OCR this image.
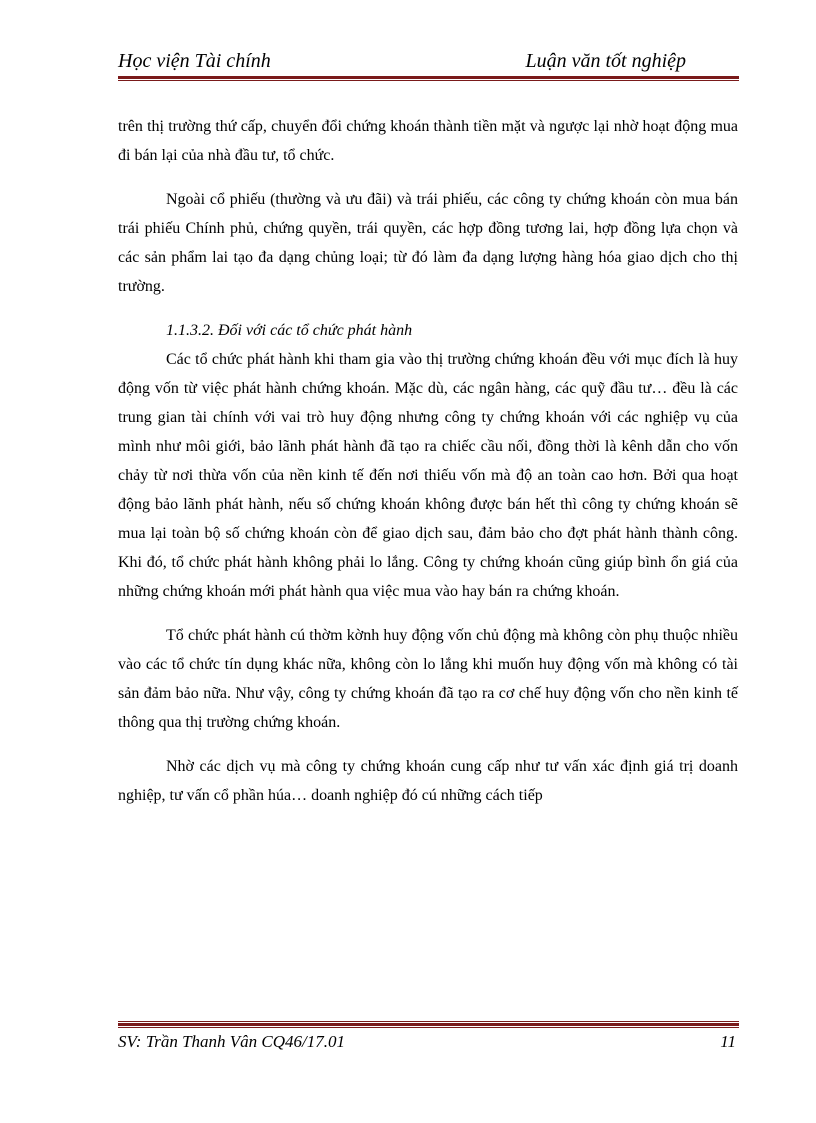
Học viện Tài chính	Luận văn tốt nghiệp

trên thị trường thứ cấp, chuyển đổi chứng khoán thành tiền mặt và ngược lại nhờ hoạt động mua đi bán lại của nhà đầu tư, tổ chức.

Ngoài cổ phiếu (thường và ưu đãi) và trái phiếu, các công ty chứng khoán còn mua bán trái phiếu Chính phủ, chứng quyền, trái quyền, các hợp đồng tương lai, hợp đồng lựa chọn và các sản phẩm lai tạo đa dạng chủng loại; từ đó làm đa dạng lượng hàng hóa giao dịch cho thị trường.

1.1.3.2. Đối với các tổ chức phát hành

Các tổ chức phát hành khi tham gia vào thị trường chứng khoán đều với mục đích là huy động vốn từ việc phát hành chứng khoán. Mặc dù, các ngân hàng, các quỹ đầu tư… đều là các trung gian tài chính với vai trò huy động nhưng công ty chứng khoán với các nghiệp vụ của mình như môi giới, bảo lãnh phát hành đã tạo ra chiếc cầu nối, đồng thời là kênh dẫn cho vốn chảy từ nơi thừa vốn của nền kinh tế đến nơi thiếu vốn mà độ an toàn cao hơn. Bởi qua hoạt động bảo lãnh phát hành, nếu số chứng khoán không được bán hết thì công ty chứng khoán sẽ mua lại toàn bộ số chứng khoán còn để giao dịch sau, đảm bảo cho đợt phát hành thành công. Khi đó, tổ chức phát hành không phải lo lắng. Công ty chứng khoán cũng giúp bình ổn giá của những chứng khoán mới phát hành qua việc mua vào hay bán ra chứng khoán.

Tổ chức phát hành cú thờm kờnh huy động vốn chủ động mà không còn phụ thuộc nhiều vào các tổ chức tín dụng khác nữa, không còn lo lắng khi muốn huy động vốn mà không có tài sản đảm bảo nữa. Như vậy, công ty chứng khoán đã tạo ra cơ chế huy động vốn cho nền kinh tế thông qua thị trường chứng khoán.

Nhờ các dịch vụ mà công ty chứng khoán cung cấp như tư vấn xác định giá trị doanh nghiệp, tư vấn cổ phần húa… doanh nghiệp đó cú những cách tiếp

SV: Trần Thanh Vân CQ46/17.01	11
